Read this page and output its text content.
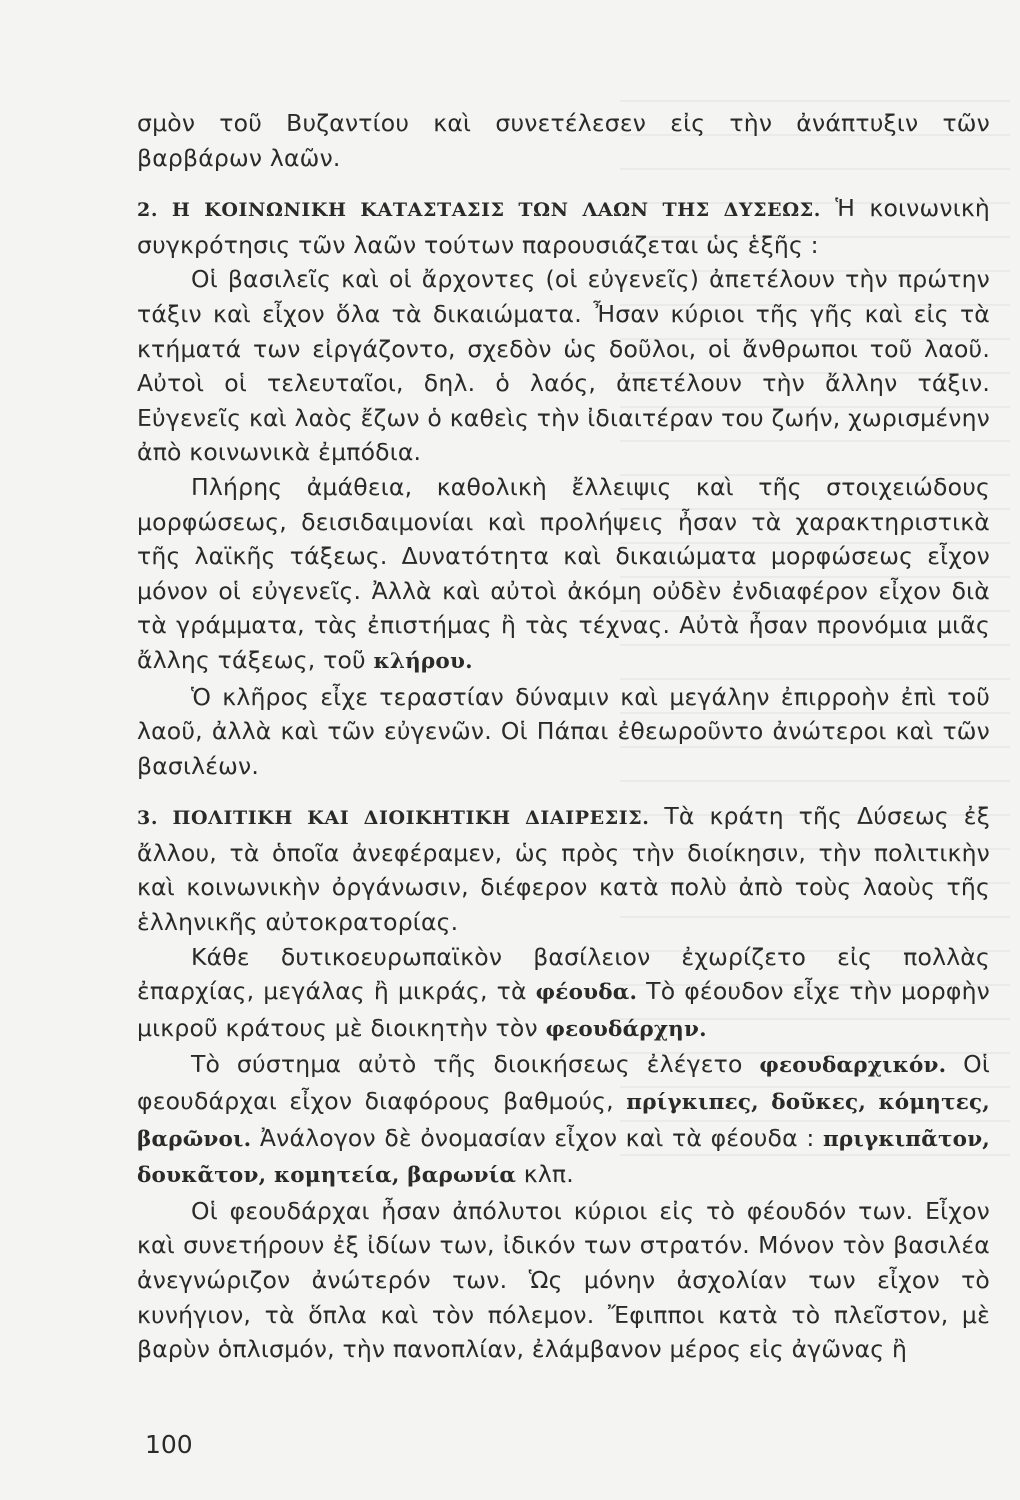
σμὸν τοῦ Βυζαντίου καὶ συνετέλεσεν εἰς τὴν ἀνάπτυξιν τῶν βαρβάρων λαῶν.

2. Η ΚΟΙΝΩΝΙΚΗ ΚΑΤΑΣΤΑΣΙΣ ΤΩΝ ΛΑΩΝ ΤΗΣ ΔΥΣΕΩΣ. Ἡ κοινωνικὴ συγκρότησις τῶν λαῶν τούτων παρουσιάζεται ὡς ἑξῆς :

Οἱ βασιλεῖς καὶ οἱ ἄρχοντες (οἱ εὐγενεῖς) ἀπετέλουν τὴν πρώτην τάξιν καὶ εἶχον ὅλα τὰ δικαιώματα. Ἦσαν κύριοι τῆς γῆς καὶ εἰς τὰ κτήματά των εἰργάζοντο, σχεδὸν ὡς δοῦλοι, οἱ ἄνθρωποι τοῦ λαοῦ. Αὐτοὶ οἱ τελευταῖοι, δηλ. ὁ λαός, ἀπετέλουν τὴν ἄλλην τάξιν. Εὐγενεῖς καὶ λαὸς ἔζων ὁ καθεὶς τὴν ἰδιαιτέραν του ζωήν, χωρισμένην ἀπὸ κοινωνικὰ ἐμπόδια.

Πλήρης ἀμάθεια, καθολικὴ ἔλλειψις καὶ τῆς στοιχειώδους μορφώσεως, δεισιδαιμονίαι καὶ προλήψεις ἦσαν τὰ χαρακτηριστικὰ τῆς λαϊκῆς τάξεως. Δυνατότητα καὶ δικαιώματα μορφώσεως εἶχον μόνον οἱ εὐγενεῖς. Ἀλλὰ καὶ αὐτοὶ ἀκόμη οὐδὲν ἐνδιαφέρον εἶχον διὰ τὰ γράμματα, τὰς ἐπιστήμας ἢ τὰς τέχνας. Αὐτὰ ἦσαν προνόμια μιᾶς ἄλλης τάξεως, τοῦ κλήρου.

Ὁ κλῆρος εἶχε τεραστίαν δύναμιν καὶ μεγάλην ἐπιρροὴν ἐπὶ τοῦ λαοῦ, ἀλλὰ καὶ τῶν εὐγενῶν. Οἱ Πάπαι ἐθεωροῦντο ἀνώτεροι καὶ τῶν βασιλέων.

3. ΠΟΛΙΤΙΚΗ ΚΑΙ ΔΙΟΙΚΗΤΙΚΗ ΔΙΑΙΡΕΣΙΣ. Τὰ κράτη τῆς Δύσεως ἐξ ἄλλου, τὰ ὁποῖα ἀνεφέραμεν, ὡς πρὸς τὴν διοίκησιν, τὴν πολιτικὴν καὶ κοινωνικὴν ὀργάνωσιν, διέφερον κατὰ πολὺ ἀπὸ τοὺς λαοὺς τῆς ἑλληνικῆς αὐτοκρατορίας.

Κάθε δυτικοευρωπαϊκὸν βασίλειον ἐχωρίζετο εἰς πολλὰς ἐπαρχίας, μεγάλας ἢ μικράς, τὰ φέουδα. Τὸ φέουδον εἶχε τὴν μορφὴν μικροῦ κράτους μὲ διοικητὴν τὸν φεουδάρχην.

Τὸ σύστημα αὐτὸ τῆς διοικήσεως ἐλέγετο φεουδαρχικόν. Οἱ φεουδάρχαι εἶχον διαφόρους βαθμούς, πρίγκιπες, δοῦκες, κόμητες, βαρῶνοι. Ἀνάλογον δὲ ὀνομασίαν εἶχον καὶ τὰ φέουδα : πριγκιπᾶτον, δουκᾶτον, κομητεία, βαρωνία κλπ.

Οἱ φεουδάρχαι ἦσαν ἀπόλυτοι κύριοι εἰς τὸ φέουδόν των. Εἶχον καὶ συνετήρουν ἐξ ἰδίων των, ἰδικόν των στρατόν. Μόνον τὸν βασιλέα ἀνεγνώριζον ἀνώτερόν των. Ὡς μόνην ἀσχολίαν των εἶχον τὸ κυνήγιον, τὰ ὅπλα καὶ τὸν πόλεμον. Ἔφιπποι κατὰ τὸ πλεῖστον, μὲ βαρὺν ὁπλισμόν, τὴν πανοπλίαν, ἐλάμβανον μέρος εἰς ἀγῶνας ἢ

100
